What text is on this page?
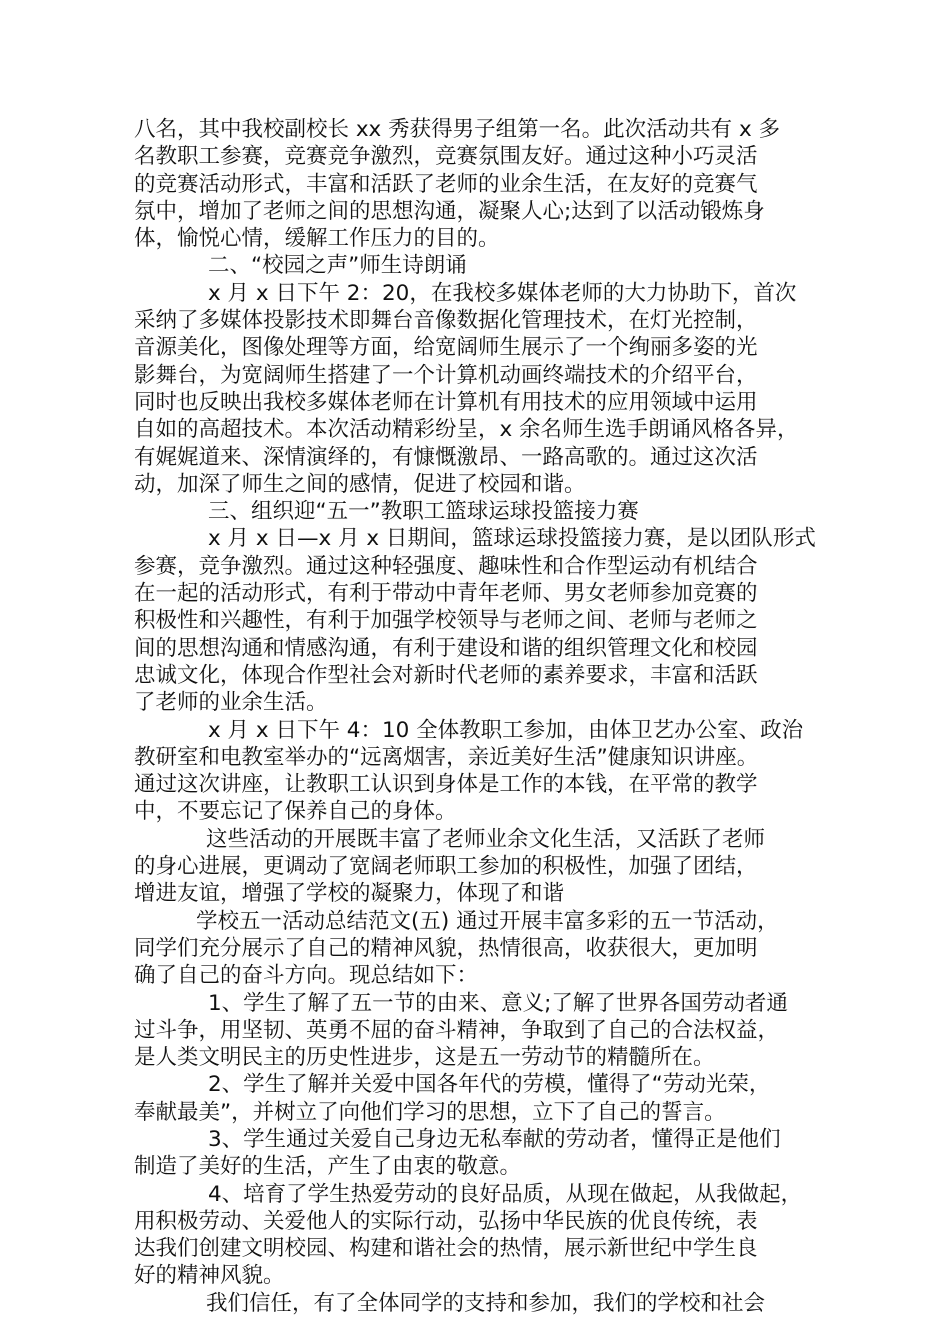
八名，其中我校副校长 xx 秀获得男子组第一名。此次活动共有 x 多
名教职工参赛，竞赛竞争激烈，竞赛氛围友好。通过这种小巧灵活
的竞赛活动形式，丰富和活跃了老师的业余生活，在友好的竞赛气
氛中，增加了老师之间的思想沟通，凝聚人心;达到了以活动锻炼身
体，愉悦心情，缓解工作压力的目的。
二、“校园之声”师生诗朗诵
x 月 x 日下午 2：20，在我校多媒体老师的大力协助下，首次
采纳了多媒体投影技术即舞台音像数据化管理技术，在灯光控制，
音源美化，图像处理等方面，给宽阔师生展示了一个绚丽多姿的光
影舞台，为宽阔师生搭建了一个计算机动画终端技术的介绍平台，
同时也反映出我校多媒体老师在计算机有用技术的应用领域中运用
自如的高超技术。本次活动精彩纷呈，x 余名师生选手朗诵风格各异，
有娓娓道来、深情演绎的，有慷慨激昂、一路高歌的。通过这次活
动，加深了师生之间的感情，促进了校园和谐。
三、组织迎“五一”教职工篮球运球投篮接力赛
x 月 x 日—x 月 x 日期间，篮球运球投篮接力赛，是以团队形式
参赛，竞争激烈。通过这种轻强度、趣味性和合作型运动有机结合
在一起的活动形式，有利于带动中青年老师、男女老师参加竞赛的
积极性和兴趣性，有利于加强学校领导与老师之间、老师与老师之
间的思想沟通和情感沟通，有利于建设和谐的组织管理文化和校园
忠诚文化，体现合作型社会对新时代老师的素养要求，丰富和活跃
了老师的业余生活。
x 月 x 日下午 4：10 全体教职工参加，由体卫艺办公室、政治
教研室和电教室举办的“远离烟害，亲近美好生活”健康知识讲座。
通过这次讲座，让教职工认识到身体是工作的本钱，在平常的教学
中，不要忘记了保养自己的身体。
这些活动的开展既丰富了老师业余文化生活，又活跃了老师
的身心进展，更调动了宽阔老师职工参加的积极性，加强了团结，
增进友谊，增强了学校的凝聚力，体现了和谐
学校五一活动总结范文(五) 通过开展丰富多彩的五一节活动，
同学们充分展示了自己的精神风貌，热情很高，收获很大，更加明
确了自己的奋斗方向。现总结如下：
1、学生了解了五一节的由来、意义;了解了世界各国劳动者通
过斗争，用坚韧、英勇不屈的奋斗精神，争取到了自己的合法权益，
是人类文明民主的历史性进步，这是五一劳动节的精髓所在。
2、学生了解并关爱中国各年代的劳模，懂得了“劳动光荣，
奉献最美”，并树立了向他们学习的思想，立下了自己的誓言。
3、学生通过关爱自己身边无私奉献的劳动者，懂得正是他们
制造了美好的生活，产生了由衷的敬意。
4、培育了学生热爱劳动的良好品质，从现在做起，从我做起，
用积极劳动、关爱他人的实际行动，弘扬中华民族的优良传统，表
达我们创建文明校园、构建和谐社会的热情，展示新世纪中学生良
好的精神风貌。
我们信任，有了全体同学的支持和参加，我们的学校和社会
